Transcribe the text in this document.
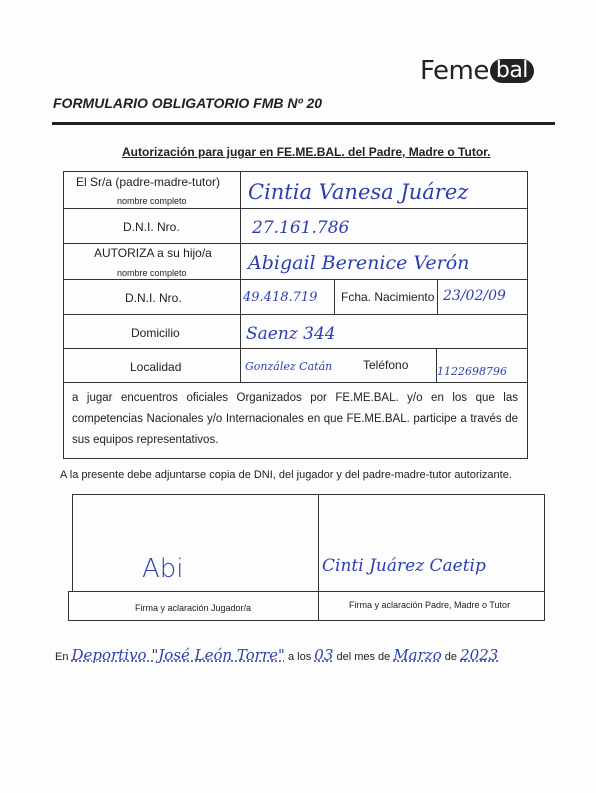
Feme bal
FORMULARIO OBLIGATORIO FMB Nº 20
Autorización para jugar en FE.ME.BAL. del Padre, Madre o Tutor.
El Sr/a (padre-madre-tutor)
nombre completo	Cintia Vanesa Juárez
D.N.I. Nro.	27.161.786
AUTORIZA a su hijo/a
nombre completo	Abigail Berenice Verón
D.N.I. Nro.	49.418.719 Fcha. Nacimiento 23/02/09
Domicilio	Saenz 344
Localidad	González Catán	Teléfono	1122698796
a jugar encuentros oficiales Organizados por FE.ME.BAL. y/o en los que las competencias Nacionales y/o Internacionales en que FE.ME.BAL. participe a través de sus equipos representativos.
A la presente debe adjuntarse copia de DNI, del jugador y del padre-madre-tutor autorizante.
Abi	Cinti Juárez Caetip
Firma y aclaración Jugador/a	Firma y aclaración Padre, Madre o Tutor
En Deportivo "José León Torre" a los 03 del mes de Marzo de 2023
